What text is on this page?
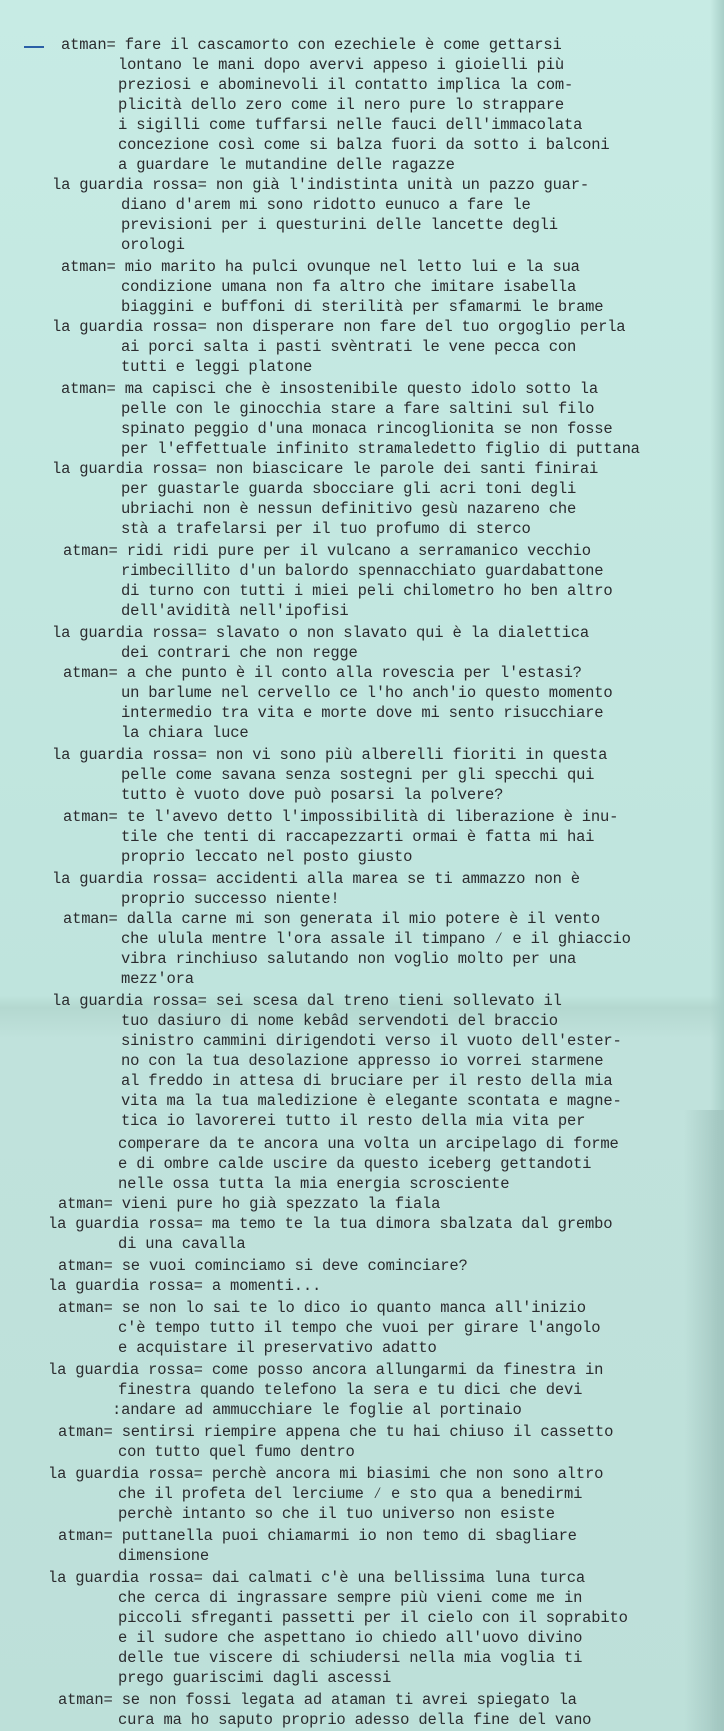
atman= fare il cascamorto con ezechiele è come gettarsi
lontano le mani dopo avervi appeso i gioielli più
preziosi e abominevoli il contatto implica la com-
plicità dello zero come il nero pure lo strappare
i sigilli come tuffarsi nelle fauci dell'immacolata
concezione così come si balza fuori da sotto i balconi
a guardare le mutandine delle ragazze
la guardia rossa= non già l'indistinta unità un pazzo guar-
diano d'arem mi sono ridotto eunuco a fare le
previsioni per i questurini delle lancette degli
orologi
atman= mio marito ha pulci ovunque nel letto lui e la sua
condizione umana non fa altro che imitare isabella
biaggini e buffoni di sterilità per sfamarmi le brame
la guardia rossa= non disperare non fare del tuo orgoglio perla
ai porci salta i pasti svèntrati le vene pecca con
tutti e leggi platone
atman= ma capisci che è insostenibile questo idolo sotto la
pelle con le ginocchia stare a fare saltini sul filo
spinato peggio d'una monaca rincoglionita se non fosse
per l'effettuale infinito stramaledetto figlio di puttana
la guardia rossa= non biascicare le parole dei santi finirai
per guastarle guarda sbocciare gli acri toni degli
ubriachi non è nessun definitivo gesù nazareno che
stà a trafelarsi per il tuo profumo di sterco
atman= ridi ridi pure per il vulcano a serramanico vecchio
rimbecillito d'un balordo spennacchiato guardabattone
di turno con tutti i miei peli chilometro ho ben altro
dell'avidità nell'ipofisi
la guardia rossa= slavato o non slavato qui è la dialettica
dei contrari che non regge
atman= a che punto è il conto alla rovescia per l'estasi?
un barlume nel cervello ce l'ho anch'io questo momento
intermedio tra vita e morte dove mi sento risucchiare
la chiara luce
la guardia rossa= non vi sono più alberelli fioriti in questa
pelle come savana senza sostegni per gli specchi qui
tutto è vuoto dove può posarsi la polvere?
atman= te l'avevo detto l'impossibilità di liberazione è inu-
tile che tenti di raccapezzarti ormai è fatta mi hai
proprio leccato nel posto giusto
la guardia rossa= accidenti alla marea se ti ammazzo non è
proprio successo niente!
atman= dalla carne mi son generata il mio potere è il vento
che ulula mentre l'ora assale il timpano ⁄ e il ghiaccio
vibra rinchiuso salutando non voglio molto per una
mezz'ora
la guardia rossa= sei scesa dal treno tieni sollevato il
tuo dasiuro di nome kebâd servendoti del braccio
sinistro cammini dirigendoti verso il vuoto dell'ester-
no con la tua desolazione appresso io vorrei starmene
al freddo in attesa di bruciare per il resto della mia
vita ma la tua maledizione è elegante scontata e magne-
tica io lavorerei tutto il resto della mia vita per
comperare da te ancora una volta un arcipelago di forme
e di ombre calde uscire da questo iceberg gettandoti
nelle ossa tutta la mia energia scrosciente
atman= vieni pure ho già spezzato la fiala
la guardia rossa= ma temo te la tua dimora sbalzata dal grembo
di una cavalla
atman= se vuoi cominciamo si deve cominciare?
la guardia rossa= a momenti...
atman= se non lo sai te lo dico io quanto manca all'inizio
c'è tempo tutto il tempo che vuoi per girare l'angolo
e acquistare il preservativo adatto
la guardia rossa= come posso ancora allungarmi da finestra in
finestra quando telefono la sera e tu dici che devi
:andare ad ammucchiare le foglie al portinaio
atman= sentirsi riempire appena che tu hai chiuso il cassetto
con tutto quel fumo dentro
la guardia rossa= perchè ancora mi biasimi che non sono altro
che il profeta del lerciume ⁄ e sto qua a benedirmi
perchè intanto so che il tuo universo non esiste
atman= puttanella puoi chiamarmi io non temo di sbagliare
dimensione
la guardia rossa= dai calmati c'è una bellissima luna turca
che cerca di ingrassare sempre più vieni come me in
piccoli sfreganti passetti per il cielo con il soprabito
e il sudore che aspettano io chiedo all'uovo divino
delle tue viscere di schiudersi nella mia voglia ti
prego guariscimi dagli ascessi
atman= se non fossi legata ad ataman ti avrei spiegato la
cura ma ho saputo proprio adesso della fine del vano
